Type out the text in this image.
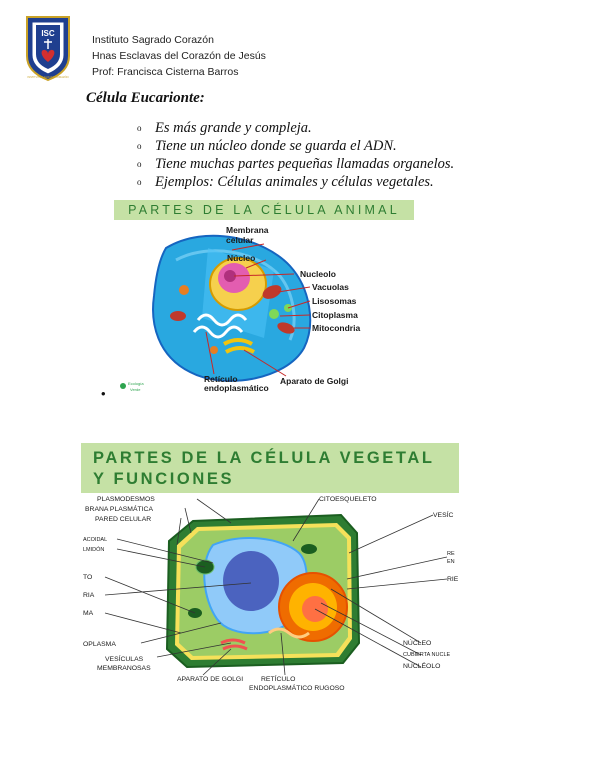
ISC
INSTITUTO SAGRADO CORAZÓN
Instituto Sagrado Corazón
Hnas Esclavas del Corazón de Jesús
Prof: Francisca Cisterna Barros
Célula Eucarionte:
o Es más grande y compleja.
o Tiene un núcleo donde se guarda el ADN.
o Tiene muchas partes pequeñas llamadas organelos.
o Ejemplos: Células animales y células vegetales.
PARTES DE LA CÉLULA ANIMAL
Membrana
celular
Núcleo
Nucleolo
Vacuolas
Lisosomas
Citoplasma
Mitocondria
Retículo
endoplasmático
Aparato de Golgi
Ecología
Verde
•
PARTES DE LA CÉLULA VEGETAL
Y FUNCIONES
PLASMODESMOS
BRANA PLASMÁTICA
PARED CELULAR
ACOIDAL
LMIDÓN
TO
RIA
MA
OPLASMA
VESÍCULAS
MEMBRANOSAS
APARATO DE GOLGI	RETÍCULO
ENDOPLASMÁTICO RUGOSO
CITOESQUELETO
VESÍC
RE
EN
RIE
NÚCLEO
CUBIERTA NUCLE
NUCLÉOLO
